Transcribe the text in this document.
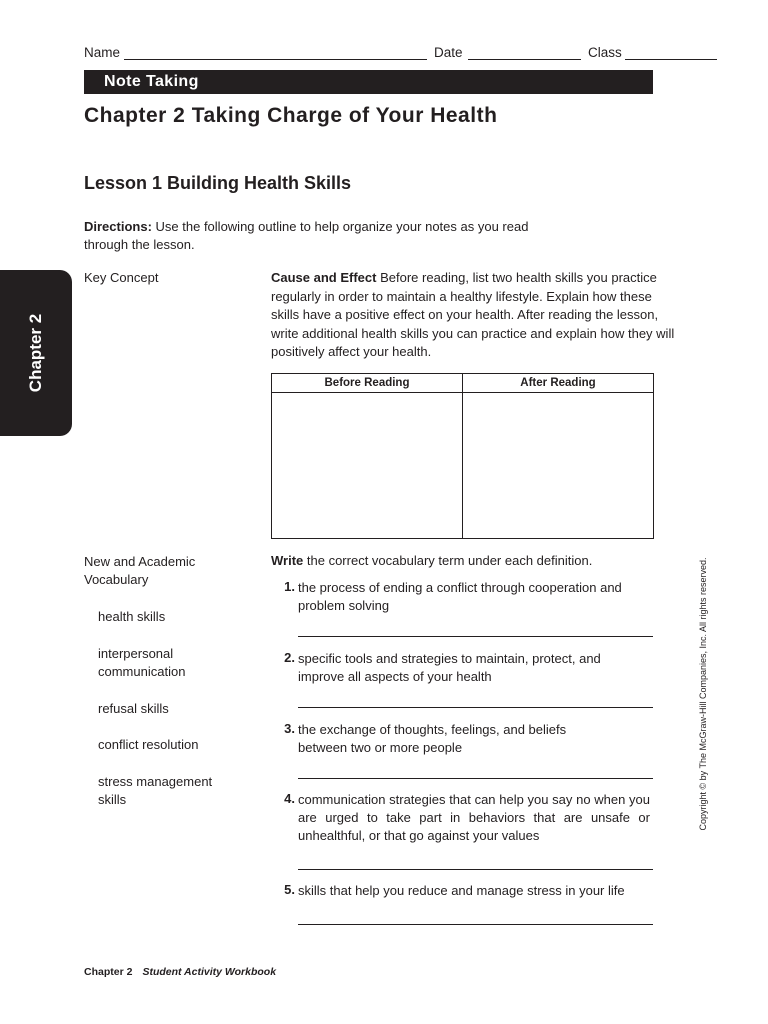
Name	Date	Class
Note Taking
Chapter 2 Taking Charge of Your Health
Lesson 1 Building Health Skills
Directions: Use the following outline to help organize your notes as you read through the lesson.
Chapter 2
Key Concept	Cause and Effect Before reading, list two health skills you practice regularly in order to maintain a healthy lifestyle. Explain how these skills have a positive effect on your health. After reading the lesson, write additional health skills you can practice and explain how they will positively affect your health.
Before Reading	After Reading

New and Academic
Vocabulary
health skills
interpersonal communication
refusal skills
conflict resolution
stress management skills
Write the correct vocabulary term under each definition.
1. the process of ending a conflict through cooperation and problem solving
2. specific tools and strategies to maintain, protect, and improve all aspects of your health
3. the exchange of thoughts, feelings, and beliefs between two or more people
4. communication strategies that can help you say no when you are urged to take part in behaviors that are unsafe or unhealthful, or that go against your values
5. skills that help you reduce and manage stress in your life
Copyright © by The McGraw-Hill Companies, Inc. All rights reserved.
Chapter 2 Student Activity Workbook
